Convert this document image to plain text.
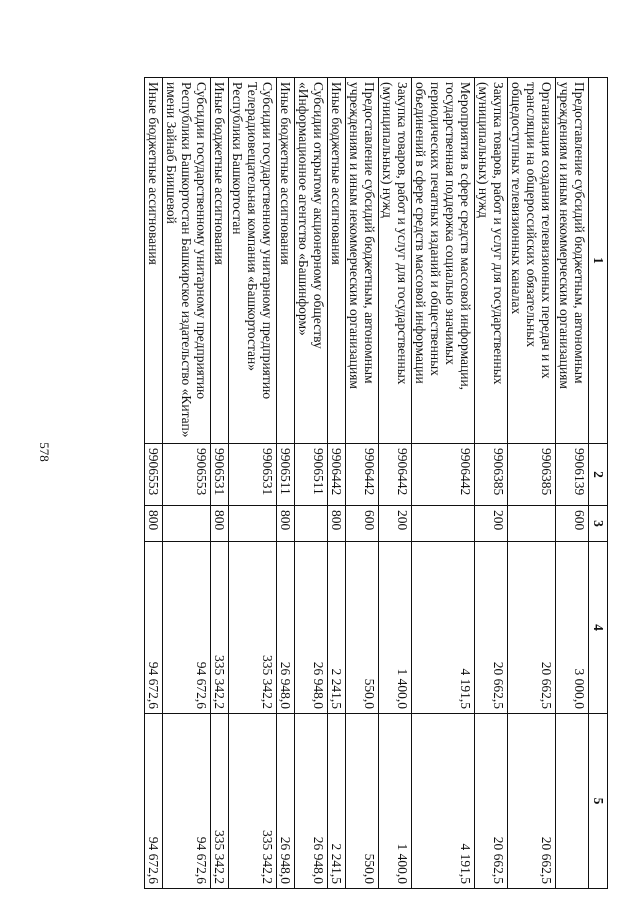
578
1	2	3	4	5
Предоставление субсидий бюджетным, автономным учреждениям и иным некоммерческим организациям	9906139	600	3 000,0	
Организация создания телевизионных передач и их трансляции на общероссийских обязательных общедоступных телевизионных каналах	9906385		20 662,5	20 662,5
Закупка товаров, работ и услуг для государственных (муниципальных) нужд	9906385	200	20 662,5	20 662,5
Мероприятия в сфере средств массовой информации, государственная поддержка социально значимых периодических печатных изданий и общественных объединений в сфере средств массовой информации	9906442		4 191,5	4 191,5
Закупка товаров, работ и услуг для государственных (муниципальных) нужд	9906442	200	1 400,0	1 400,0
Предоставление субсидий бюджетным, автономным учреждениям и иным некоммерческим организациям	9906442	600	550,0	550,0
Иные бюджетные ассигнования	9906442	800	2 241,5	2 241,5
Субсидии открытому акционерному обществу «Информационное агентство «Башинформ»	9906511		26 948,0	26 948,0
Иные бюджетные ассигнования	9906511	800	26 948,0	26 948,0
Субсидии государственному унитарному предприятию Телерадиовещательная компания «Башкортостан» Республики Башкортостан	9906531		335 342,2	335 342,2
Иные бюджетные ассигнования	9906531	800	335 342,2	335 342,2
Субсидии государственному унитарному предприятию Республики Башкортостан Башкирское издательство «Китап» имени Зайнаб Биишевой	9906553		94 672,6	94 672,6
Иные бюджетные ассигнования	9906553	800	94 672,6	94 672,6
